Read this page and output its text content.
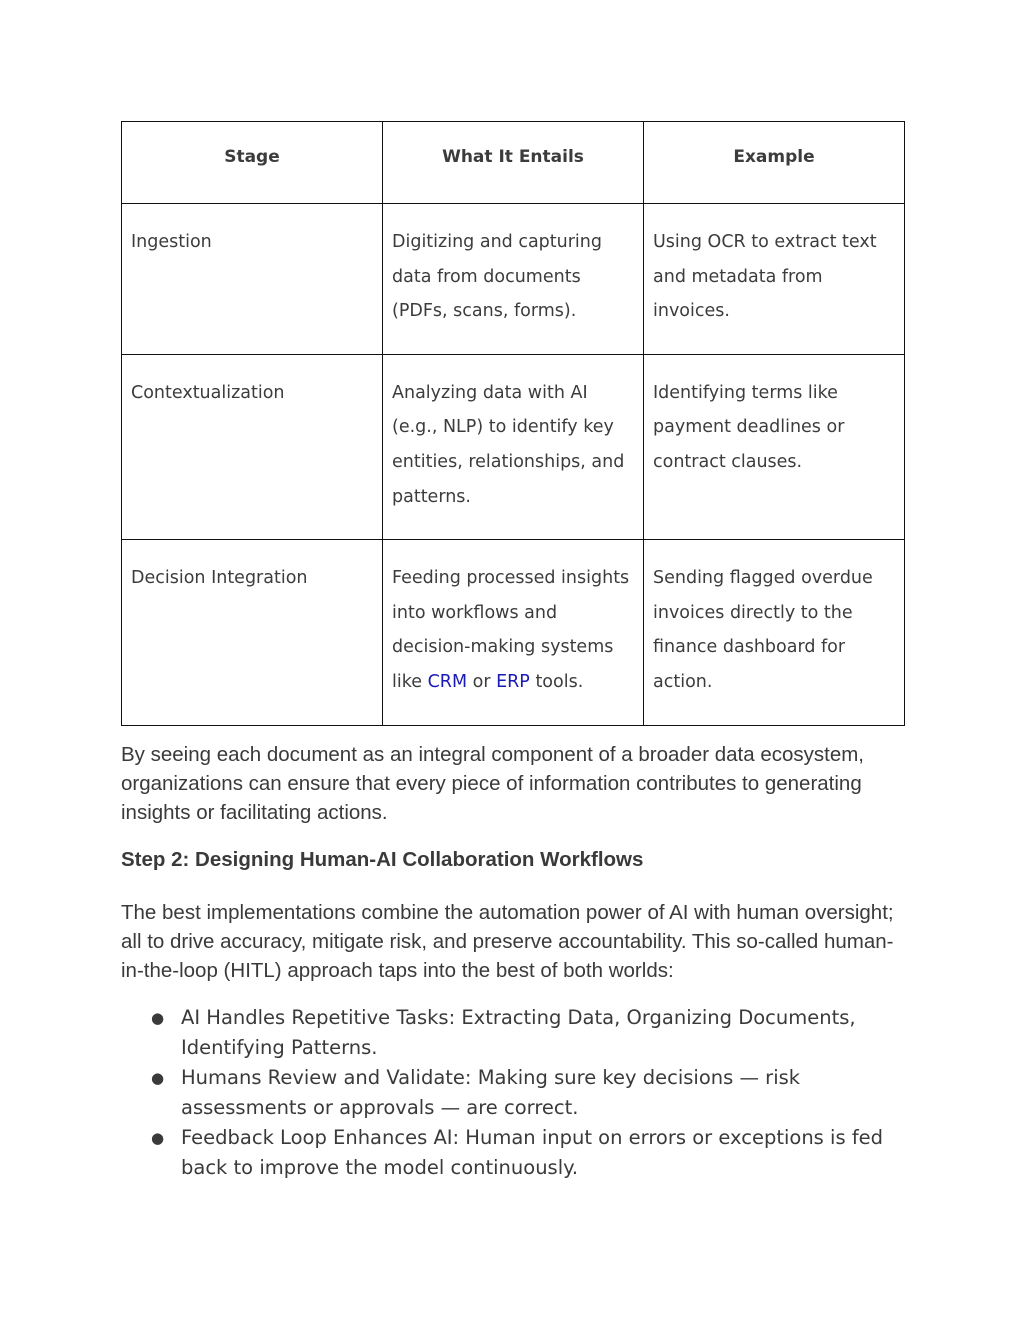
Stage	What It Entails	Example
Ingestion	Digitizing and capturing data from documents (PDFs, scans, forms).	Using OCR to extract text and metadata from invoices.
Contextualization	Analyzing data with AI (e.g., NLP) to identify key entities, relationships, and patterns.	Identifying terms like payment deadlines or contract clauses.
Decision Integration	Feeding processed insights into workflows and decision-making systems like CRM or ERP tools.	Sending flagged overdue invoices directly to the finance dashboard for action.

By seeing each document as an integral component of a broader data ecosystem, organizations can ensure that every piece of information contributes to generating insights or facilitating actions.

Step 2: Designing Human-AI Collaboration Workflows

The best implementations combine the automation power of AI with human oversight; all to drive accuracy, mitigate risk, and preserve accountability. This so-called human-in-the-loop (HITL) approach taps into the best of both worlds:

● AI Handles Repetitive Tasks: Extracting Data, Organizing Documents, Identifying Patterns.
● Humans Review and Validate: Making sure key decisions — risk assessments or approvals — are correct.
● Feedback Loop Enhances AI: Human input on errors or exceptions is fed back to improve the model continuously.
